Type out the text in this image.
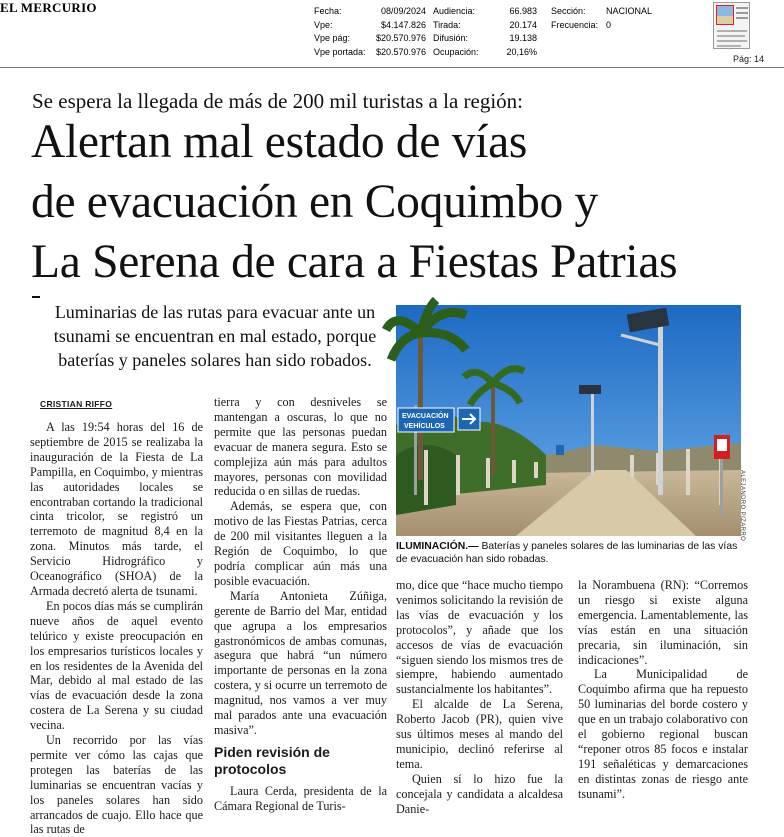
EL MERCURIO	Fecha:	08/09/2024
Vpe:	$4.147.826
Vpe pág:	$20.570.976
Vpe portada:	$20.570.976
Audiencia:	66.983
Tirada:	20.174
Difusión:	19.138
Ocupación:	20,16%
Sección:	NACIONAL
Frecuencia: 0
Pág: 14
Se espera la llegada de más de 200 mil turistas a la región:
Alertan mal estado de vías
de evacuación en Coquimbo y
La Serena de cara a Fiestas Patrias
Luminarias de las rutas para evacuar ante un tsunami se encuentran en mal estado, porque baterías y paneles solares han sido robados.
CRISTIAN RIFFO

A las 19:54 horas del 16 de septiembre de 2015 se realizaba la inauguración de la Fiesta de La Pampilla, en Coquimbo, y mientras las autoridades locales se encontraban cortando la tradicional cinta tricolor, se registró un terremoto de magnitud 8,4 en la zona. Minutos más tarde, el Servicio Hidrográfico y Oceanográfico (SHOA) de la Armada decretó alerta de tsunami.

En pocos días más se cumplirán nueve años de aquel evento telúrico y existe preocupación en los empresarios turísticos locales y en los residentes de la Avenida del Mar, debido al mal estado de las vías de evacuación desde la zona costera de La Serena y su ciudad vecina.

Un recorrido por las vías permite ver cómo las cajas que protegen las baterías de las luminarias se encuentran vacías y los paneles solares han sido arrancados de cuajo. Ello hace que las rutas de

tierra y con desniveles se mantengan a oscuras, lo que no permite que las personas puedan evacuar de manera segura. Esto se complejiza aún más para adultos mayores, personas con movilidad reducida o en sillas de ruedas.

Además, se espera que, con motivo de las Fiestas Patrias, cerca de 200 mil visitantes lleguen a la Región de Coquimbo, lo que podría complicar aún más una posible evacuación.

María Antonieta Zúñiga, gerente de Barrio del Mar, entidad que agrupa a los empresarios gastronómicos de ambas comunas, asegura que habrá “un número importante de personas en la zona costera, y si ocurre un terremoto de magnitud, nos vamos a ver muy mal parados ante una evacuación masiva”.

Piden revisión de protocolos

Laura Cerda, presidenta de la Cámara Regional de Turis-

EVACUACIÓN
VEHÍCULOS
ALEJANDRO PIZARRO
ILUMINACIÓN.— Baterías y paneles solares de las luminarias de las vías de evacuación han sido robadas.

mo, dice que “hace mucho tiempo venimos solicitando la revisión de las vías de evacuación y los protocolos”, y añade que los accesos de vías de evacuación “siguen siendo los mismos tres de siempre, habiendo aumentado sustancialmente los habitantes”.

El alcalde de La Serena, Roberto Jacob (PR), quien vive sus últimos meses al mando del municipio, declinó referirse al tema.

Quien sí lo hizo fue la concejala y candidata a alcaldesa Danie-

la Norambuena (RN): “Corremos un riesgo si existe alguna emergencia. Lamentablemente, las vías están en una situación precaria, sin iluminación, sin indicaciones”.

La Municipalidad de Coquimbo afirma que ha repuesto 50 luminarias del borde costero y que en un trabajo colaborativo con el gobierno regional buscan “reponer otros 85 focos e instalar 191 señaléticas y demarcaciones en distintas zonas de riesgo ante tsunami”.
